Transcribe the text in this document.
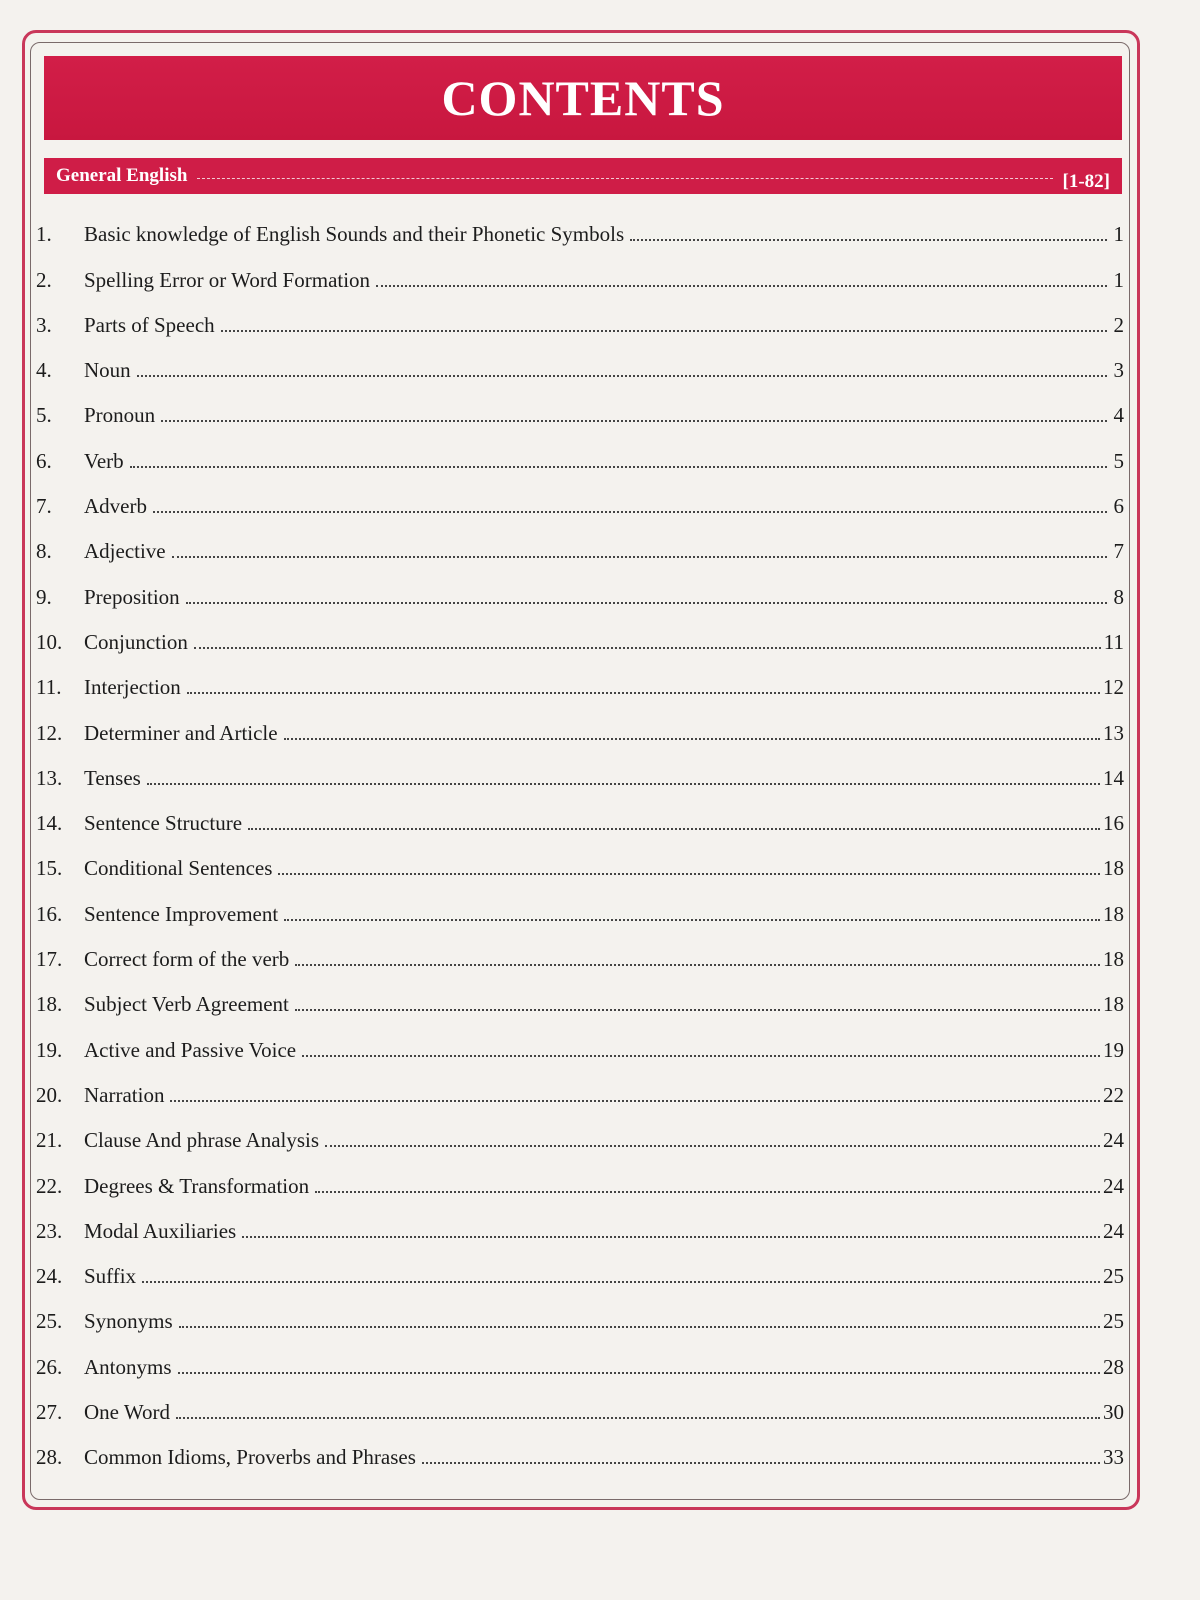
CONTENTS
General English	[1-82]
1.	Basic knowledge of English Sounds and their Phonetic Symbols	1
2.	Spelling Error or Word Formation	1
3.	Parts of Speech	2
4.	Noun	3
5.	Pronoun	4
6.	Verb	5
7.	Adverb	6
8.	Adjective	7
9.	Preposition	8
10.	Conjunction	11
11.	Interjection	12
12.	Determiner and Article	13
13.	Tenses	14
14.	Sentence Structure	16
15.	Conditional Sentences	18
16.	Sentence Improvement	18
17.	Correct form of the verb	18
18.	Subject Verb Agreement	18
19.	Active and Passive Voice	19
20.	Narration	22
21.	Clause And phrase Analysis	24
22.	Degrees & Transformation	24
23.	Modal Auxiliaries	24
24.	Suffix	25
25.	Synonyms	25
26.	Antonyms	28
27.	One Word	30
28.	Common Idioms, Proverbs and Phrases	33
